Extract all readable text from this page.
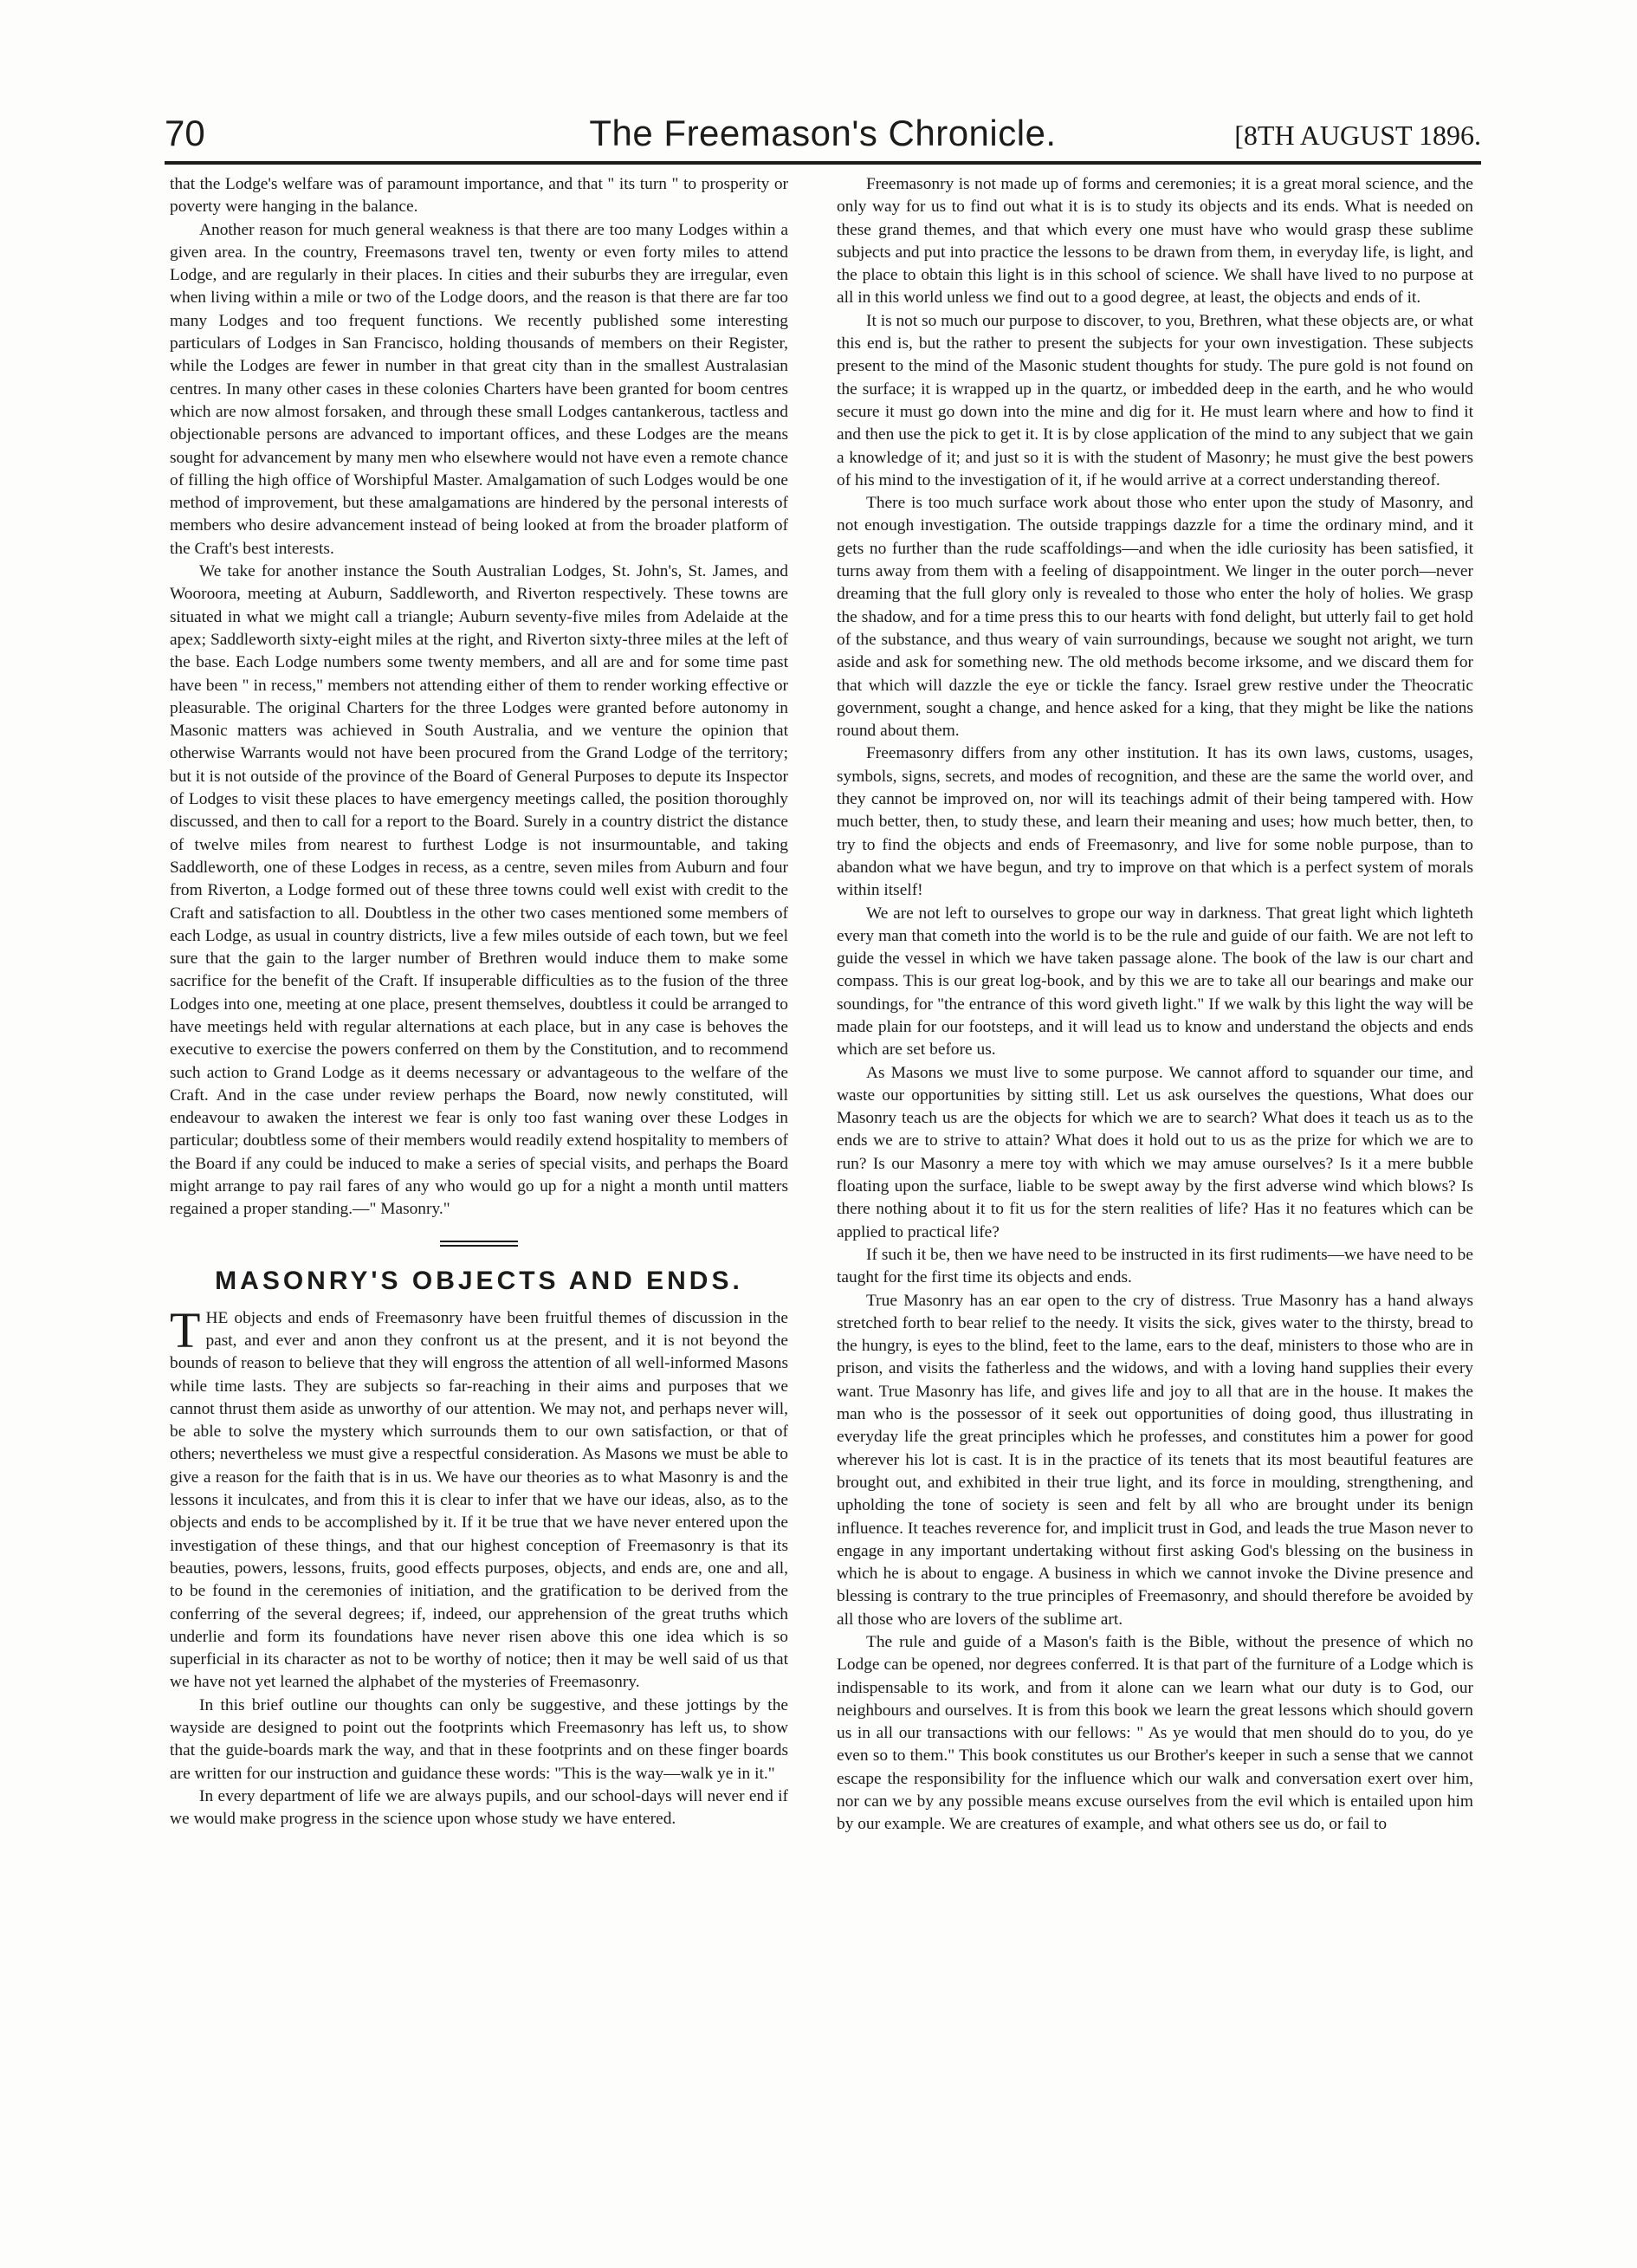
70	The Freemason's Chronicle.	[8TH AUGUST 1896.

that the Lodge's welfare was of paramount importance, and that " its turn " to prosperity or poverty were hanging in the balance.

Another reason for much general weakness is that there are too many Lodges within a given area. In the country, Freemasons travel ten, twenty or even forty miles to attend Lodge, and are regularly in their places. In cities and their suburbs they are irregular, even when living within a mile or two of the Lodge doors, and the reason is that there are far too many Lodges and too frequent functions. We recently published some interesting particulars of Lodges in San Francisco, holding thousands of members on their Register, while the Lodges are fewer in number in that great city than in the smallest Australasian centres. In many other cases in these colonies Charters have been granted for boom centres which are now almost forsaken, and through these small Lodges cantankerous, tactless and objectionable persons are advanced to important offices, and these Lodges are the means sought for advancement by many men who elsewhere would not have even a remote chance of filling the high office of Worshipful Master. Amalgamation of such Lodges would be one method of improvement, but these amalgamations are hindered by the personal interests of members who desire advancement instead of being looked at from the broader platform of the Craft's best interests.

We take for another instance the South Australian Lodges, St. John's, St. James, and Wooroora, meeting at Auburn, Saddleworth, and Riverton respectively. These towns are situated in what we might call a triangle; Auburn seventy-five miles from Adelaide at the apex; Saddleworth sixty-eight miles at the right, and Riverton sixty-three miles at the left of the base. Each Lodge numbers some twenty members, and all are and for some time past have been " in recess," members not attending either of them to render working effective or pleasurable. The original Charters for the three Lodges were granted before autonomy in Masonic matters was achieved in South Australia, and we venture the opinion that otherwise Warrants would not have been procured from the Grand Lodge of the territory; but it is not outside of the province of the Board of General Purposes to depute its Inspector of Lodges to visit these places to have emergency meetings called, the position thoroughly discussed, and then to call for a report to the Board. Surely in a country district the distance of twelve miles from nearest to furthest Lodge is not insurmountable, and taking Saddleworth, one of these Lodges in recess, as a centre, seven miles from Auburn and four from Riverton, a Lodge formed out of these three towns could well exist with credit to the Craft and satisfaction to all. Doubtless in the other two cases mentioned some members of each Lodge, as usual in country districts, live a few miles outside of each town, but we feel sure that the gain to the larger number of Brethren would induce them to make some sacrifice for the benefit of the Craft. If insuperable difficulties as to the fusion of the three Lodges into one, meeting at one place, present themselves, doubtless it could be arranged to have meetings held with regular alternations at each place, but in any case is behoves the executive to exercise the powers conferred on them by the Constitution, and to recommend such action to Grand Lodge as it deems necessary or advantageous to the welfare of the Craft. And in the case under review perhaps the Board, now newly constituted, will endeavour to awaken the interest we fear is only too fast waning over these Lodges in particular; doubtless some of their members would readily extend hospitality to members of the Board if any could be induced to make a series of special visits, and perhaps the Board might arrange to pay rail fares of any who would go up for a night a month until matters regained a proper standing.—" Masonry."

MASONRY'S OBJECTS AND ENDS.

THE objects and ends of Freemasonry have been fruitful themes of discussion in the past, and ever and anon they confront us at the present, and it is not beyond the bounds of reason to believe that they will engross the attention of all well-informed Masons while time lasts. They are subjects so far-reaching in their aims and purposes that we cannot thrust them aside as unworthy of our attention. We may not, and perhaps never will, be able to solve the mystery which surrounds them to our own satisfaction, or that of others; nevertheless we must give a respectful consideration. As Masons we must be able to give a reason for the faith that is in us. We have our theories as to what Masonry is and the lessons it inculcates, and from this it is clear to infer that we have our ideas, also, as to the objects and ends to be accomplished by it. If it be true that we have never entered upon the investigation of these things, and that our highest conception of Freemasonry is that its beauties, powers, lessons, fruits, good effects purposes, objects, and ends are, one and all, to be found in the ceremonies of initiation, and the gratification to be derived from the conferring of the several degrees; if, indeed, our apprehension of the great truths which underlie and form its foundations have never risen above this one idea which is so superficial in its character as not to be worthy of notice; then it may be well said of us that we have not yet learned the alphabet of the mysteries of Freemasonry.

In this brief outline our thoughts can only be suggestive, and these jottings by the wayside are designed to point out the footprints which Freemasonry has left us, to show that the guide-boards mark the way, and that in these footprints and on these finger boards are written for our instruction and guidance these words: "This is the way—walk ye in it."

In every department of life we are always pupils, and our school-days will never end if we would make progress in the science upon whose study we have entered.

Freemasonry is not made up of forms and ceremonies; it is a great moral science, and the only way for us to find out what it is is to study its objects and its ends. What is needed on these grand themes, and that which every one must have who would grasp these sublime subjects and put into practice the lessons to be drawn from them, in everyday life, is light, and the place to obtain this light is in this school of science. We shall have lived to no purpose at all in this world unless we find out to a good degree, at least, the objects and ends of it.

It is not so much our purpose to discover, to you, Brethren, what these objects are, or what this end is, but the rather to present the subjects for your own investigation. These subjects present to the mind of the Masonic student thoughts for study. The pure gold is not found on the surface; it is wrapped up in the quartz, or imbedded deep in the earth, and he who would secure it must go down into the mine and dig for it. He must learn where and how to find it and then use the pick to get it. It is by close application of the mind to any subject that we gain a knowledge of it; and just so it is with the student of Masonry; he must give the best powers of his mind to the investigation of it, if he would arrive at a correct understanding thereof.

There is too much surface work about those who enter upon the study of Masonry, and not enough investigation. The outside trappings dazzle for a time the ordinary mind, and it gets no further than the rude scaffoldings—and when the idle curiosity has been satisfied, it turns away from them with a feeling of disappointment. We linger in the outer porch—never dreaming that the full glory only is revealed to those who enter the holy of holies. We grasp the shadow, and for a time press this to our hearts with fond delight, but utterly fail to get hold of the substance, and thus weary of vain surroundings, because we sought not aright, we turn aside and ask for something new. The old methods become irksome, and we discard them for that which will dazzle the eye or tickle the fancy. Israel grew restive under the Theocratic government, sought a change, and hence asked for a king, that they might be like the nations round about them.

Freemasonry differs from any other institution. It has its own laws, customs, usages, symbols, signs, secrets, and modes of recognition, and these are the same the world over, and they cannot be improved on, nor will its teachings admit of their being tampered with. How much better, then, to study these, and learn their meaning and uses; how much better, then, to try to find the objects and ends of Freemasonry, and live for some noble purpose, than to abandon what we have begun, and try to improve on that which is a perfect system of morals within itself!

We are not left to ourselves to grope our way in darkness. That great light which lighteth every man that cometh into the world is to be the rule and guide of our faith. We are not left to guide the vessel in which we have taken passage alone. The book of the law is our chart and compass. This is our great log-book, and by this we are to take all our bearings and make our soundings, for "the entrance of this word giveth light." If we walk by this light the way will be made plain for our footsteps, and it will lead us to know and understand the objects and ends which are set before us.

As Masons we must live to some purpose. We cannot afford to squander our time, and waste our opportunities by sitting still. Let us ask ourselves the questions, What does our Masonry teach us are the objects for which we are to search? What does it teach us as to the ends we are to strive to attain? What does it hold out to us as the prize for which we are to run? Is our Masonry a mere toy with which we may amuse ourselves? Is it a mere bubble floating upon the surface, liable to be swept away by the first adverse wind which blows? Is there nothing about it to fit us for the stern realities of life? Has it no features which can be applied to practical life?

If such it be, then we have need to be instructed in its first rudiments—we have need to be taught for the first time its objects and ends.

True Masonry has an ear open to the cry of distress. True Masonry has a hand always stretched forth to bear relief to the needy. It visits the sick, gives water to the thirsty, bread to the hungry, is eyes to the blind, feet to the lame, ears to the deaf, ministers to those who are in prison, and visits the fatherless and the widows, and with a loving hand supplies their every want. True Masonry has life, and gives life and joy to all that are in the house. It makes the man who is the possessor of it seek out opportunities of doing good, thus illustrating in everyday life the great principles which he professes, and constitutes him a power for good wherever his lot is cast. It is in the practice of its tenets that its most beautiful features are brought out, and exhibited in their true light, and its force in moulding, strengthening, and upholding the tone of society is seen and felt by all who are brought under its benign influence. It teaches reverence for, and implicit trust in God, and leads the true Mason never to engage in any important undertaking without first asking God's blessing on the business in which he is about to engage. A business in which we cannot invoke the Divine presence and blessing is contrary to the true principles of Freemasonry, and should therefore be avoided by all those who are lovers of the sublime art.

The rule and guide of a Mason's faith is the Bible, without the presence of which no Lodge can be opened, nor degrees conferred. It is that part of the furniture of a Lodge which is indispensable to its work, and from it alone can we learn what our duty is to God, our neighbours and ourselves. It is from this book we learn the great lessons which should govern us in all our transactions with our fellows: " As ye would that men should do to you, do ye even so to them." This book constitutes us our Brother's keeper in such a sense that we cannot escape the responsibility for the influence which our walk and conversation exert over him, nor can we by any possible means excuse ourselves from the evil which is entailed upon him by our example. We are creatures of example, and what others see us do, or fail to
